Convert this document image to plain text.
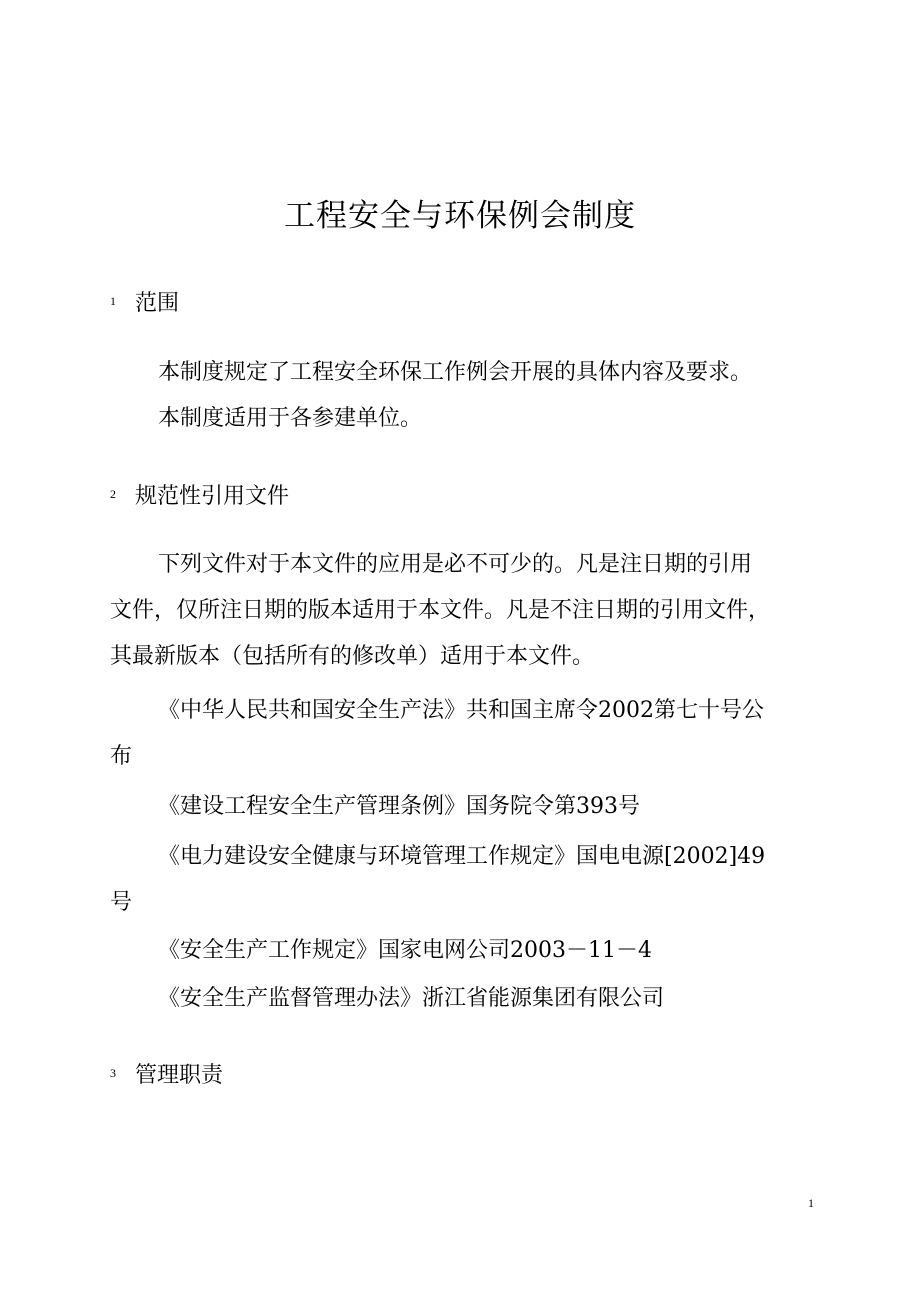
工程安全与环保例会制度
1 范围
本制度规定了工程安全环保工作例会开展的具体内容及要求。
本制度适用于各参建单位。
2 规范性引用文件
下列文件对于本文件的应用是必不可少的。凡是注日期的引用
文件，仅所注日期的版本适用于本文件。凡是不注日期的引用文件，
其最新版本（包括所有的修改单）适用于本文件。
《中华人民共和国安全生产法》共和国主席令2002第七十号公
布
《建设工程安全生产管理条例》国务院令第393号
《电力建设安全健康与环境管理工作规定》国电电源[2002]49
号
《安全生产工作规定》国家电网公司2003－11－4
《安全生产监督管理办法》浙江省能源集团有限公司
3 管理职责
1
